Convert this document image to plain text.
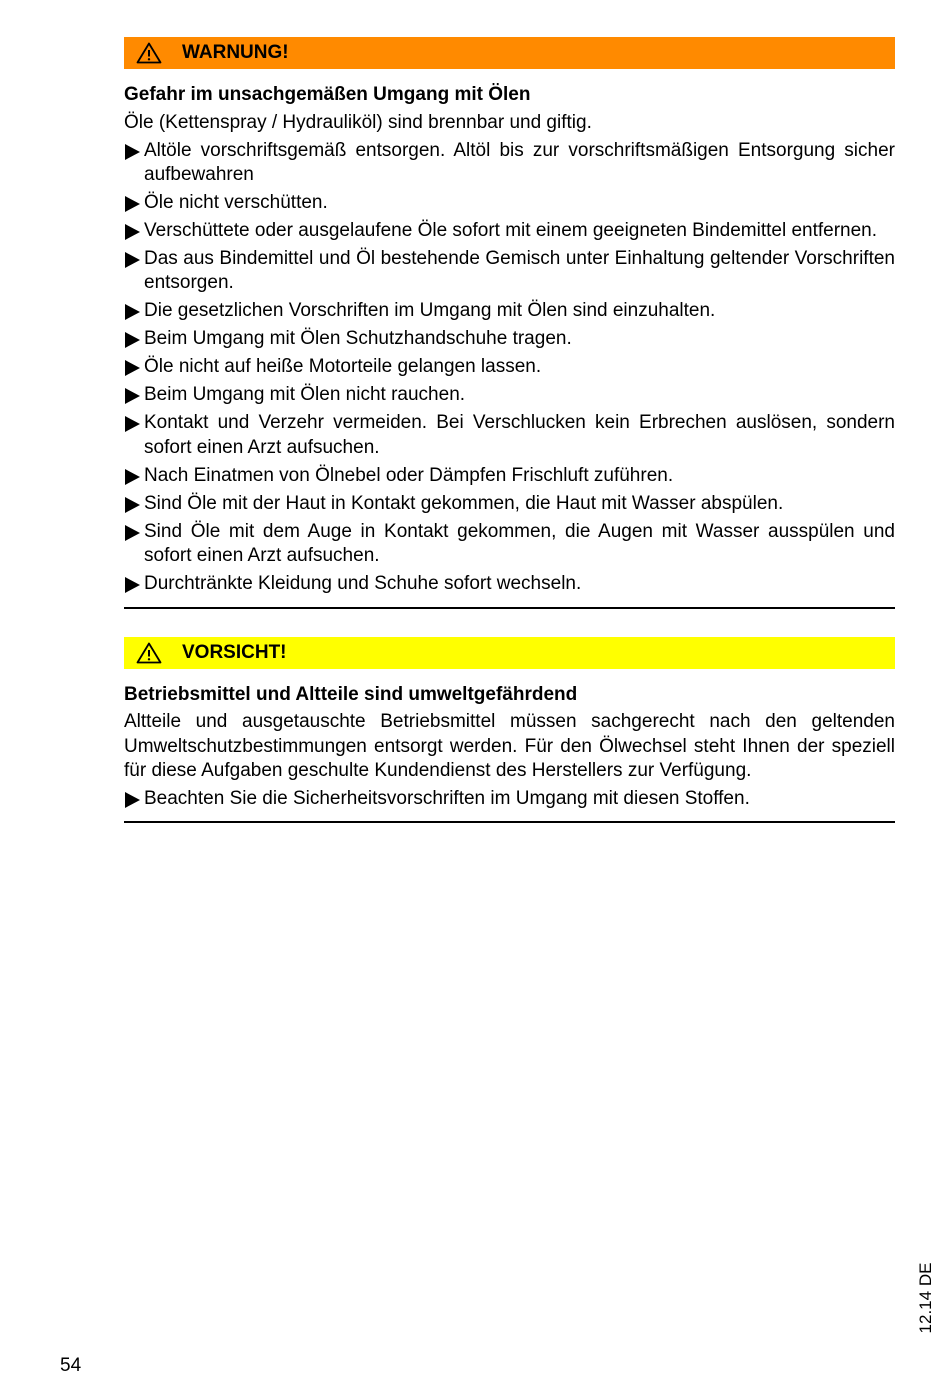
WARNUNG!
Gefahr im unsachgemäßen Umgang mit Ölen
Öle (Kettenspray / Hydrauliköl) sind brennbar und giftig.
Altöle vorschriftsgemäß entsorgen. Altöl bis zur vorschriftsmäßigen Entsorgung sicher aufbewahren
Öle nicht verschütten.
Verschüttete oder ausgelaufene Öle sofort mit einem geeigneten Bindemittel entfernen.
Das aus Bindemittel und Öl bestehende Gemisch unter Einhaltung geltender Vorschriften entsorgen.
Die gesetzlichen Vorschriften im Umgang mit Ölen sind einzuhalten.
Beim Umgang mit Ölen Schutzhandschuhe tragen.
Öle nicht auf heiße Motorteile gelangen lassen.
Beim Umgang mit Ölen nicht rauchen.
Kontakt und Verzehr vermeiden. Bei Verschlucken kein Erbrechen auslösen, sondern sofort einen Arzt aufsuchen.
Nach Einatmen von Ölnebel oder Dämpfen Frischluft zuführen.
Sind Öle mit der Haut in Kontakt gekommen, die Haut mit Wasser abspülen.
Sind Öle mit dem Auge in Kontakt gekommen, die Augen mit Wasser ausspülen und sofort einen Arzt aufsuchen.
Durchtränkte Kleidung und Schuhe sofort wechseln.
VORSICHT!
Betriebsmittel und Altteile sind umweltgefährdend
Altteile und ausgetauschte Betriebsmittel müssen sachgerecht nach den geltenden Umweltschutzbestimmungen entsorgt werden. Für den Ölwechsel steht Ihnen der speziell für diese Aufgaben geschulte Kundendienst des Herstellers zur Verfügung.
Beachten Sie die Sicherheitsvorschriften im Umgang mit diesen Stoffen.
54
12.14 DE
